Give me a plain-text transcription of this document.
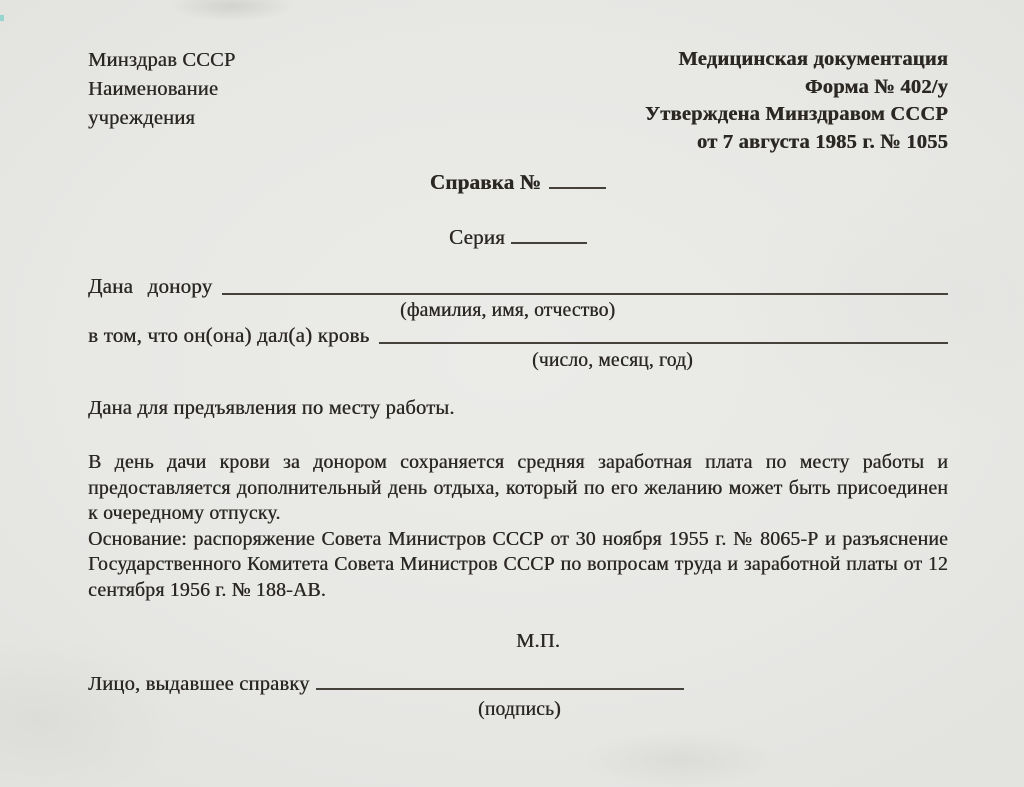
Минздрав СССР
Наименование
учреждения
Медицинская документация
Форма № 402/у
Утверждена Минздравом СССР
от 7 августа 1985 г. № 1055
Справка №
Серия
Дана донору
(фамилия, имя, отчество)
в том, что он(она) дал(а) кровь
(число, месяц, год)
Дана для предъявления по месту работы.

В день дачи крови за донором сохраняется средняя заработная плата по месту работы и предоставляется дополнительный день отдыха, который по его желанию может быть присоединен к очередному отпуску.

Основание: распоряжение Совета Министров СССР от 30 ноября 1955 г. № 8065-Р и разъяснение Государственного Комитета Совета Министров СССР по вопросам труда и заработной платы от 12 сентября 1956 г. № 188-АВ.

М.П.
Лицо, выдавшее справку
(подпись)
